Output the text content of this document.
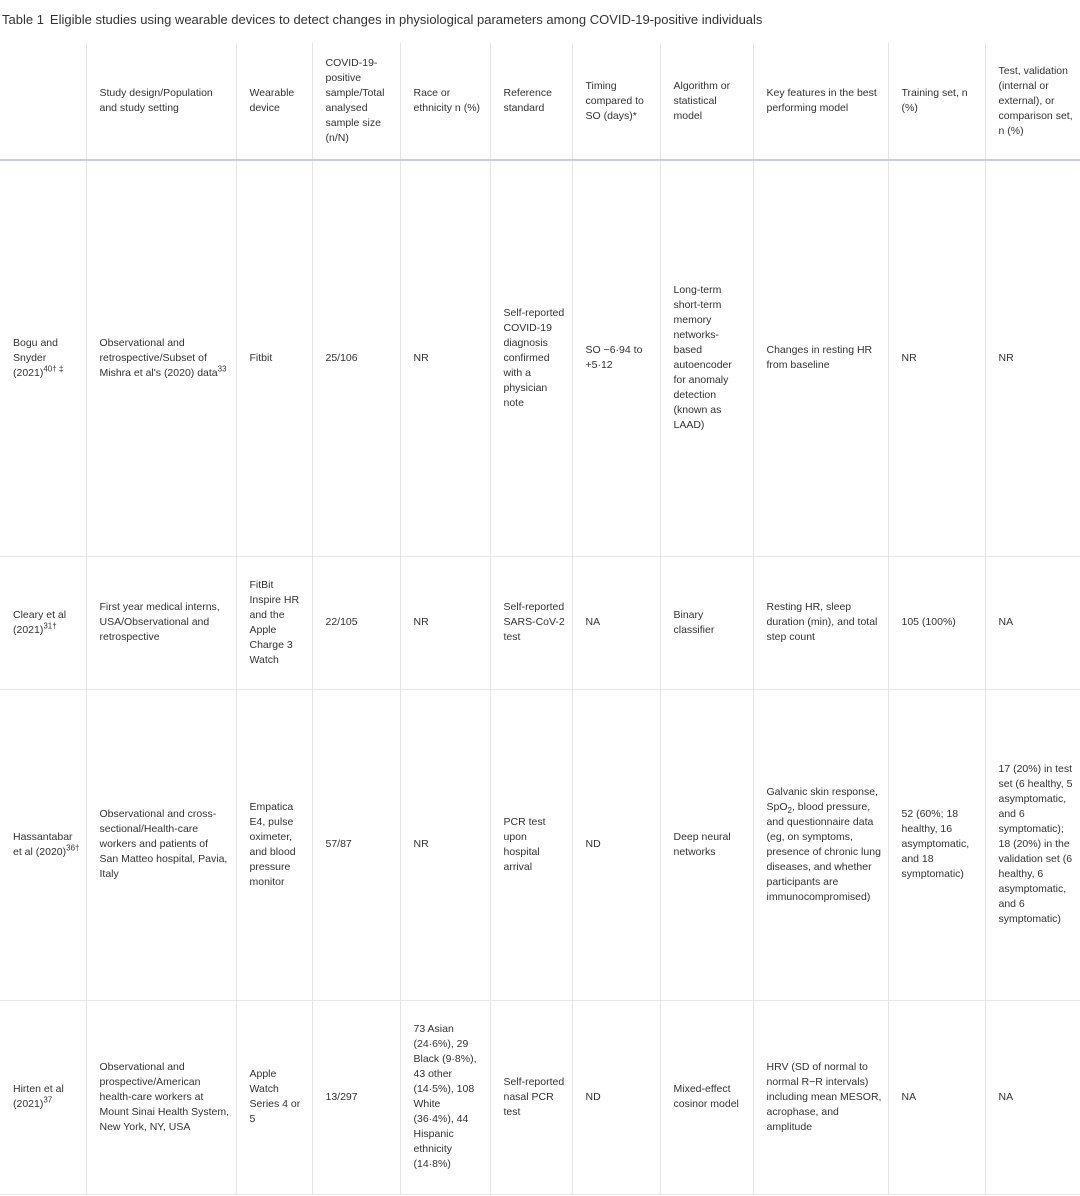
Table 1 Eligible studies using wearable devices to detect changes in physiological parameters among COVID-19-positive individuals
	Study design/Population and study setting	Wearable device	COVID-19-positive sample/Total analysed sample size (n/N)	Race or ethnicity n (%)	Reference standard	Timing compared to SO (days)*	Algorithm or statistical model	Key features in the best performing model	Training set, n (%)	Test, validation (internal or external), or comparison set, n (%)
Bogu and Snyder $(2021)^{40\dagger \ddagger}$	Observational and retrospective/Subset of Mishra et al's (2020) data$^{33}$	Fitbit	25/106	NR	Self-reported COVID-19 diagnosis confirmed with a physician note	SO −6·94 to +5·12	Long-term short-term memory networks-based autoencoder for anomaly detection (known as LAAD)	Changes in resting HR from baseline	NR	NR
Cleary et al $(2021)^{31\dagger}$	First year medical interns, USA/Observational and retrospective	FitBit Inspire HR and the Apple Charge 3 Watch	22/105	NR	Self-reported SARS-CoV-2 test	NA	Binary classifier	Resting HR, sleep duration (min), and total step count	105 (100%)	NA
Hassantabar et al $(2020)^{36\dagger}$	Observational and cross-sectional/Health-care workers and patients of San Matteo hospital, Pavia, Italy	Empatica E4, pulse oximeter, and blood pressure monitor	57/87	NR	PCR test upon hospital arrival	ND	Deep neural networks	Galvanic skin response, SpO$_2$, blood pressure, and questionnaire data (eg, on symptoms, presence of chronic lung diseases, and whether participants are immunocompromised)	52 (60%; 18 healthy, 16 asymptomatic, and 18 symptomatic)	17 (20%) in test set (6 healthy, 5 asymptomatic, and 6 symptomatic); 18 (20%) in the validation set (6 healthy, 6 asymptomatic, and 6 symptomatic)
Hirten et al $(2021)^{37}$	Observational and prospective/American health-care workers at Mount Sinai Health System, New York, NY, USA	Apple Watch Series 4 or 5	13/297	73 Asian (24·6%), 29 Black (9·8%), 43 other (14·5%), 108 White (36·4%), 44 Hispanic ethnicity (14·8%)	Self-reported nasal PCR test	ND	Mixed-effect cosinor model	HRV (SD of normal to normal R−R intervals) including mean MESOR, acrophase, and amplitude	NA	NA
